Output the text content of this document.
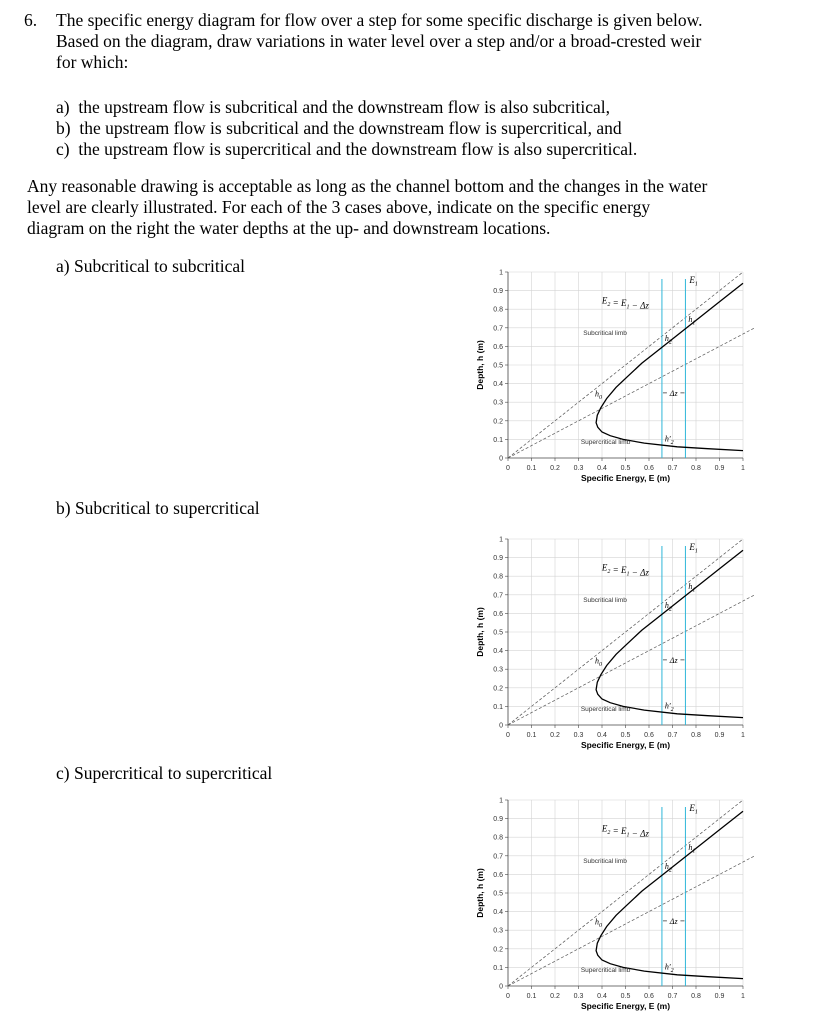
6. The specific energy diagram for flow over a step for some specific discharge is given below.

Based on the diagram, draw variations in water level over a step and/or a broad-crested weir

for which:

a) the upstream flow is subcritical and the downstream flow is also subcritical,

b) the upstream flow is subcritical and the downstream flow is supercritical, and

c) the upstream flow is supercritical and the downstream flow is also supercritical.

Any reasonable drawing is acceptable as long as the channel bottom and the changes in the water

level are clearly illustrated. For each of the 3 cases above, indicate on the specific energy

diagram on the right the water depths at the up- and downstream locations.

a) Subcritical to subcritical

b) Subcritical to supercritical

c) Supercritical to supercritical

0 0.1 0.2 0.3 0.4 0.5 0.6 0.7 0.8 0.9 1
0
0.1
0.2
0.3
0.4
0.5
0.6
0.7
0.8
0.9
1
Specific Energy, E (m)
Depth, h (m)
$E_2 = E_1 - \Delta z$
$E_1$
$h_1$
$h_2$
$h_0$
Δz
$h'_2$
Subcritical limb
Supercritical limb
0 0.1 0.2 0.3 0.4 0.5 0.6 0.7 0.8 0.9 1
0
0.1
0.2
0.3
0.4
0.5
0.6
0.7
0.8
0.9
1
Specific Energy, E (m)
Depth, h (m)
$E_2 = E_1 - \Delta z$
$E_1$
$h_1$
$h_2$
$h_0$
Δz
$h'_2$
Subcritical limb
Supercritical limb
0 0.1 0.2 0.3 0.4 0.5 0.6 0.7 0.8 0.9 1
0
0.1
0.2
0.3
0.4
0.5
0.6
0.7
0.8
0.9
1
Specific Energy, E (m)
Depth, h (m)
$E_2 = E_1 - \Delta z$
$E_1$
$h_1$
$h_2$
$h_0$
Δz
$h'_2$
Subcritical limb
Supercritical limb
